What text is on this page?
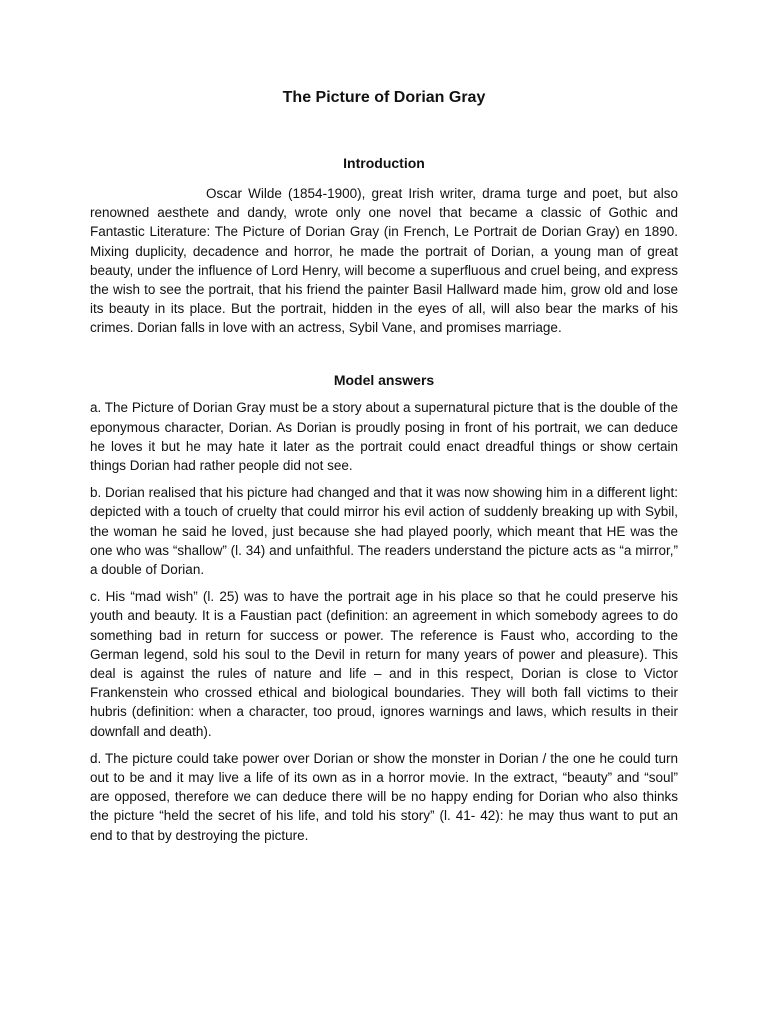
The Picture of Dorian Gray
Introduction

Oscar Wilde (1854-1900), great Irish writer, drama turge and poet, but also renowned aesthete and dandy, wrote only one novel that became a classic of Gothic and Fantastic Literature: The Picture of Dorian Gray (in French, Le Portrait de Dorian Gray) en 1890. Mixing duplicity, decadence and horror, he made the portrait of Dorian, a young man of great beauty, under the influence of Lord Henry, will become a superfluous and cruel being, and express the wish to see the portrait, that his friend the painter Basil Hallward made him, grow old and lose its beauty in its place. But the portrait, hidden in the eyes of all, will also bear the marks of his crimes. Dorian falls in love with an actress, Sybil Vane, and promises marriage.

Model answers

a. The Picture of Dorian Gray must be a story about a supernatural picture that is the double of the eponymous character, Dorian. As Dorian is proudly posing in front of his portrait, we can deduce he loves it but he may hate it later as the portrait could enact dreadful things or show certain things Dorian had rather people did not see.

b. Dorian realised that his picture had changed and that it was now showing him in a different light: depicted with a touch of cruelty that could mirror his evil action of suddenly breaking up with Sybil, the woman he said he loved, just because she had played poorly, which meant that HE was the one who was “shallow” (l. 34) and unfaithful. The readers understand the picture acts as “a mirror,” a double of Dorian.

c. His “mad wish” (l. 25) was to have the portrait age in his place so that he could preserve his youth and beauty. It is a Faustian pact (definition: an agreement in which somebody agrees to do something bad in return for success or power. The reference is Faust who, according to the German legend, sold his soul to the Devil in return for many years of power and pleasure). This deal is against the rules of nature and life – and in this respect, Dorian is close to Victor Frankenstein who crossed ethical and biological boundaries. They will both fall victims to their hubris (definition: when a character, too proud, ignores warnings and laws, which results in their downfall and death).

d. The picture could take power over Dorian or show the monster in Dorian / the one he could turn out to be and it may live a life of its own as in a horror movie. In the extract, “beauty” and “soul” are opposed, therefore we can deduce there will be no happy ending for Dorian who also thinks the picture “held the secret of his life, and told his story” (l. 41- 42): he may thus want to put an end to that by destroying the picture.
